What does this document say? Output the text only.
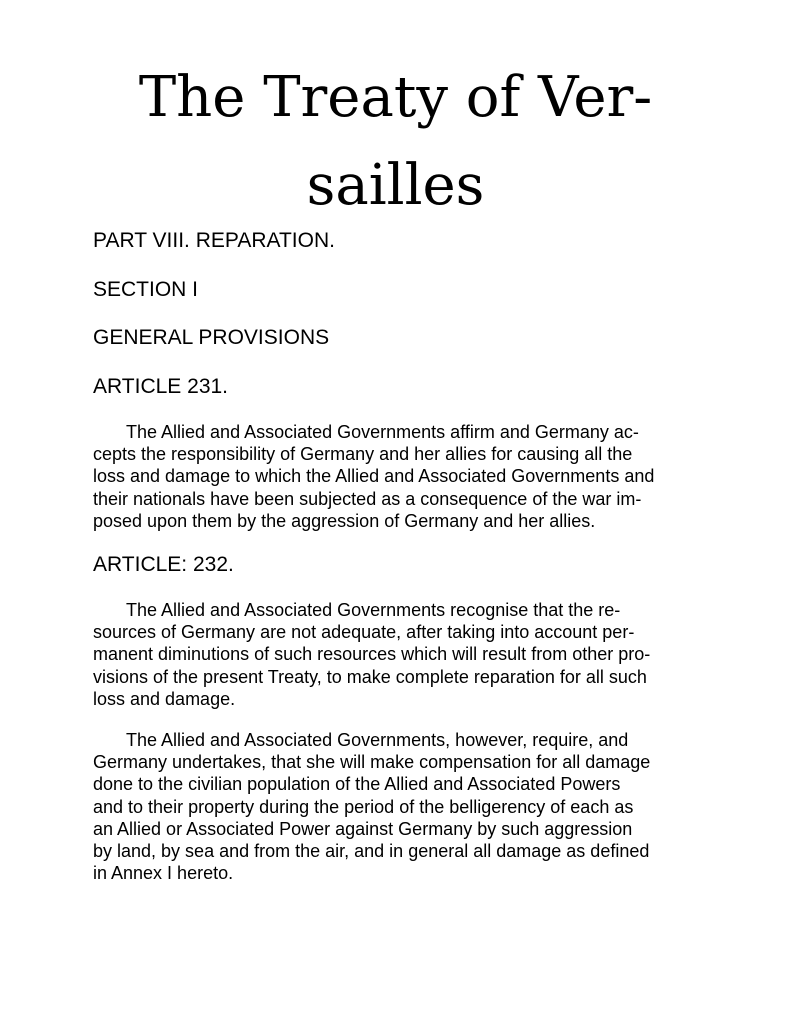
The Treaty of Ver-
sailles
PART VIII. REPARATION.
SECTION I
GENERAL PROVISIONS
ARTICLE 231.
The Allied and Associated Governments affirm and Germany ac-
cepts the responsibility of Germany and her allies for causing all the
loss and damage to which the Allied and Associated Governments and
their nationals have been subjected as a consequence of the war im-
posed upon them by the aggression of Germany and her allies.
ARTICLE: 232.
The Allied and Associated Governments recognise that the re-
sources of Germany are not adequate, after taking into account per-
manent diminutions of such resources which will result from other pro-
visions of the present Treaty, to make complete reparation for all such
loss and damage.
The Allied and Associated Governments, however, require, and
Germany undertakes, that she will make compensation for all damage
done to the civilian population of the Allied and Associated Powers
and to their property during the period of the belligerency of each as
an Allied or Associated Power against Germany by such aggression
by land, by sea and from the air, and in general all damage as defined
in Annex I hereto.
